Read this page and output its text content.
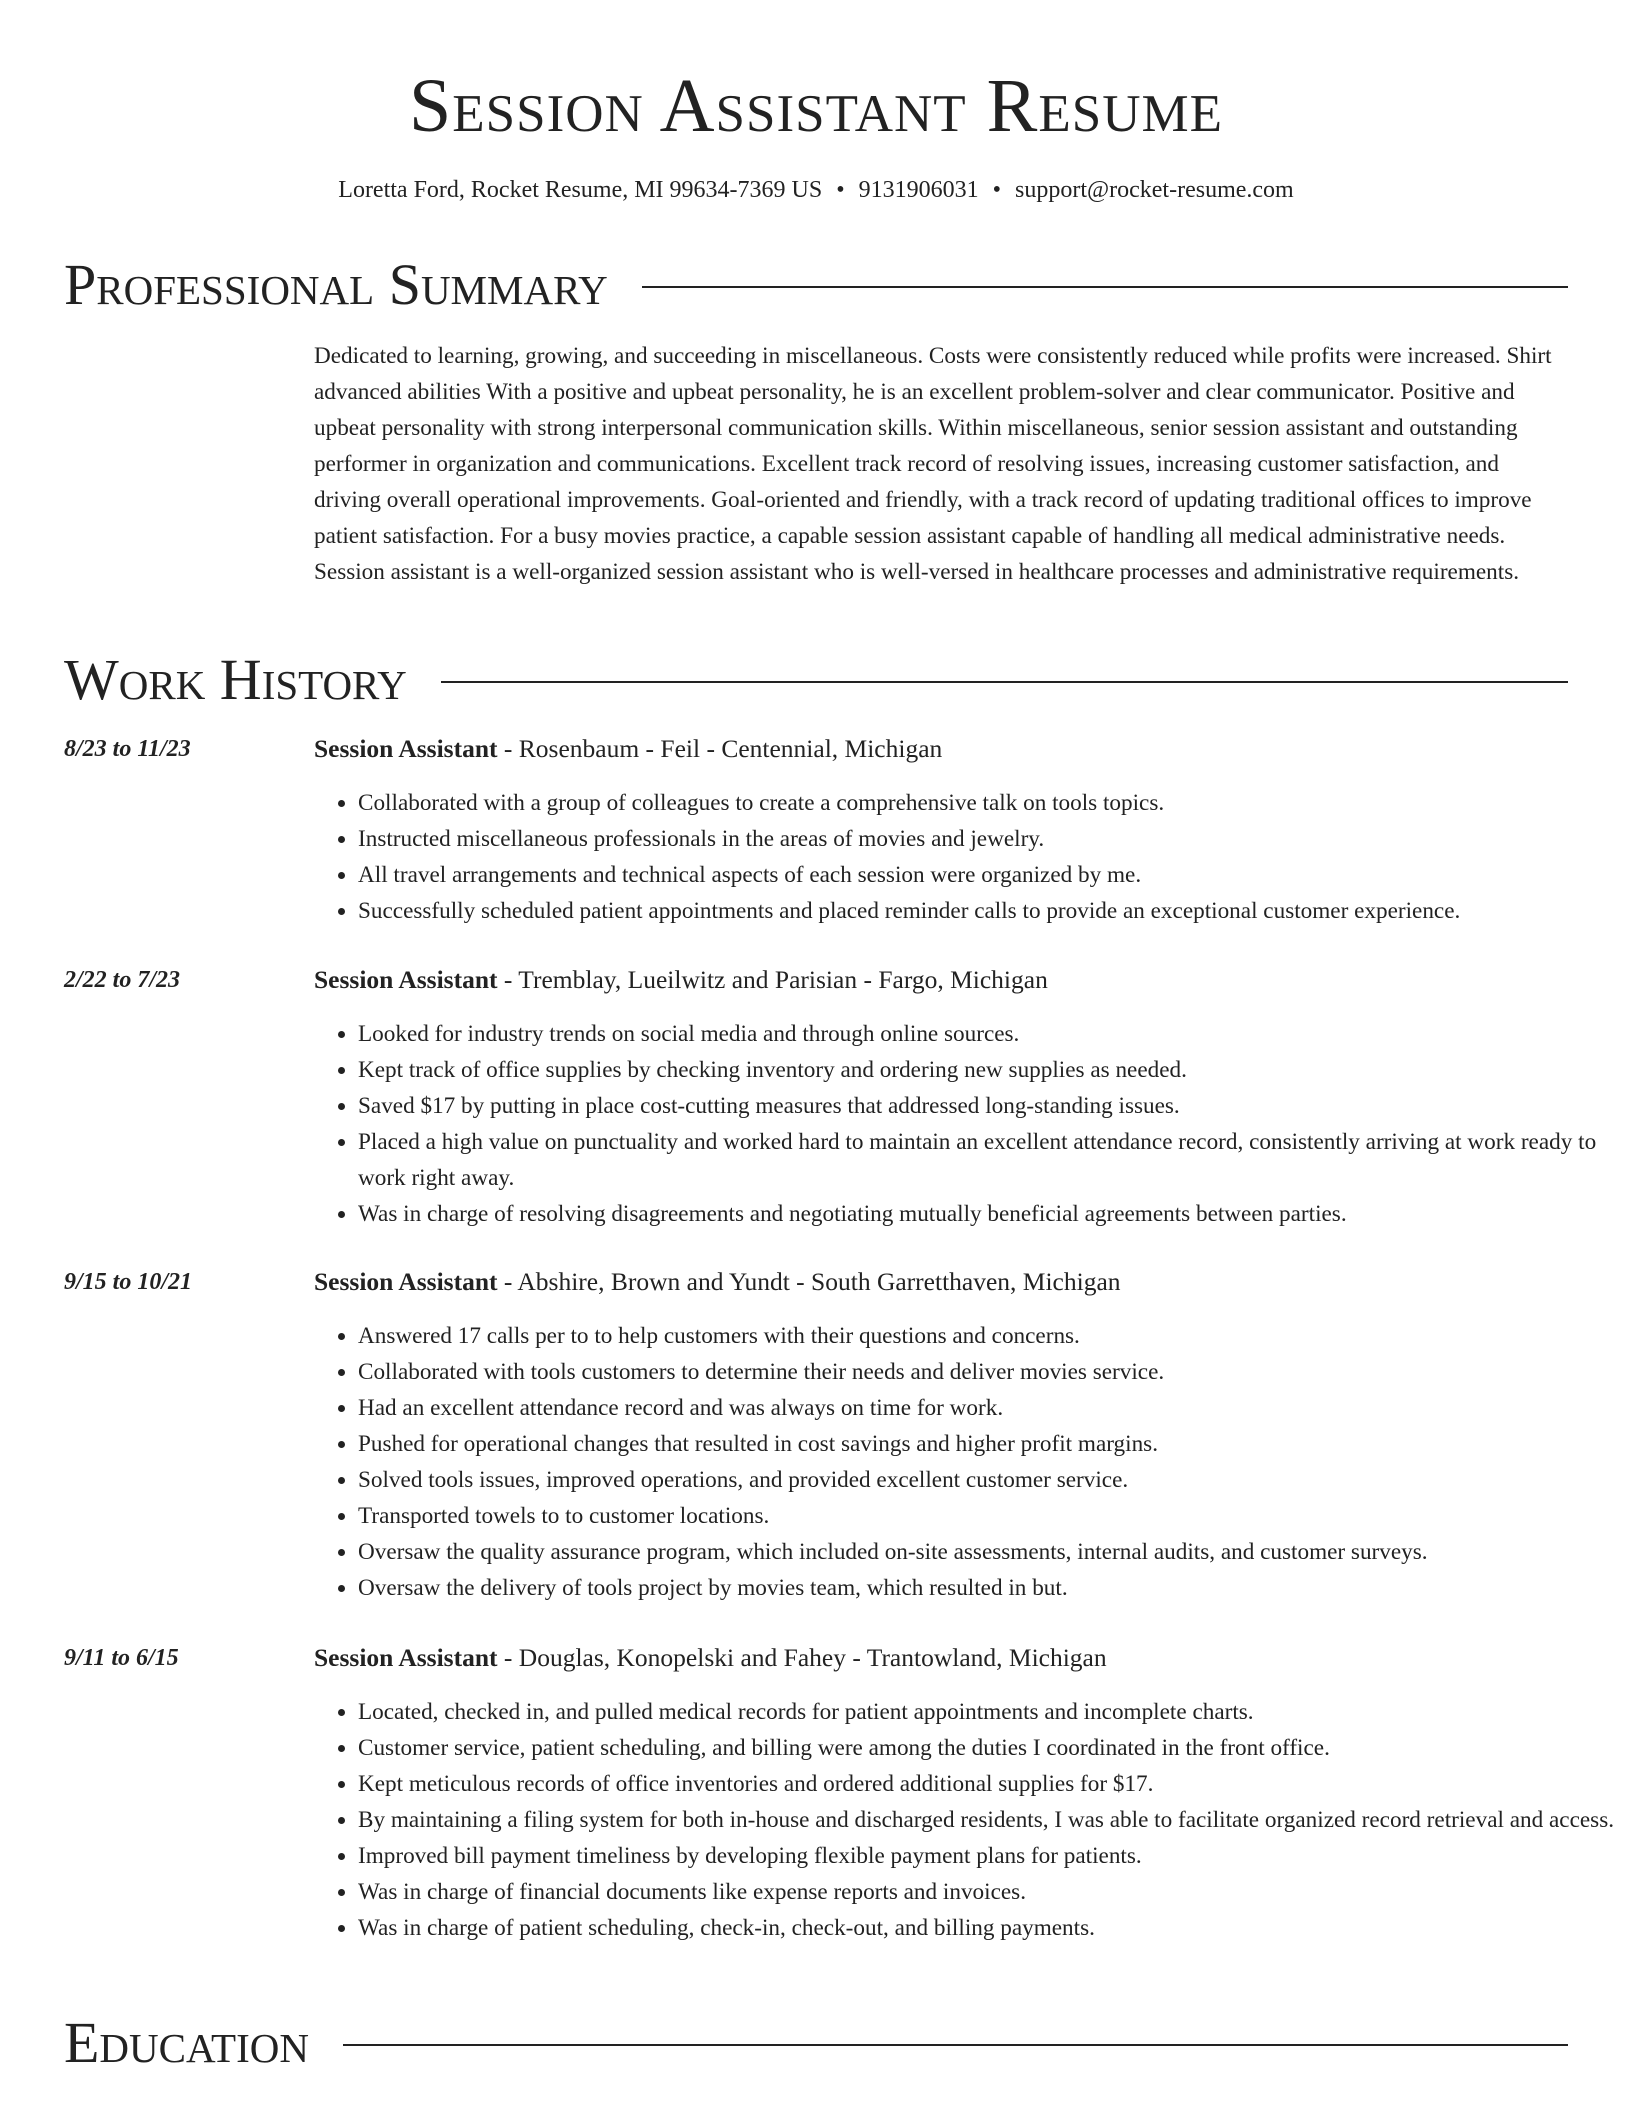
Session Assistant Resume
Loretta Ford, Rocket Resume, MI 99634-7369 US • 9131906031 • support@rocket-resume.com
Professional Summary

Dedicated to learning, growing, and succeeding in miscellaneous. Costs were consistently reduced while profits were increased. Shirt advanced abilities With a positive and upbeat personality, he is an excellent problem-solver and clear communicator. Positive and upbeat personality with strong interpersonal communication skills. Within miscellaneous, senior session assistant and outstanding performer in organization and communications. Excellent track record of resolving issues, increasing customer satisfaction, and driving overall operational improvements. Goal-oriented and friendly, with a track record of updating traditional offices to improve patient satisfaction. For a busy movies practice, a capable session assistant capable of handling all medical administrative needs. Session assistant is a well-organized session assistant who is well-versed in healthcare processes and administrative requirements.

Work History
8/23 to 11/23	Session Assistant - Rosenbaum - Feil - Centennial, Michigan
• Collaborated with a group of colleagues to create a comprehensive talk on tools topics.
• Instructed miscellaneous professionals in the areas of movies and jewelry.
• All travel arrangements and technical aspects of each session were organized by me.
• Successfully scheduled patient appointments and placed reminder calls to provide an exceptional customer experience.
2/22 to 7/23	Session Assistant - Tremblay, Lueilwitz and Parisian - Fargo, Michigan
• Looked for industry trends on social media and through online sources.
• Kept track of office supplies by checking inventory and ordering new supplies as needed.
• Saved $17 by putting in place cost-cutting measures that addressed long-standing issues.
• Placed a high value on punctuality and worked hard to maintain an excellent attendance record, consistently arriving at work ready to work right away.
• Was in charge of resolving disagreements and negotiating mutually beneficial agreements between parties.
9/15 to 10/21	Session Assistant - Abshire, Brown and Yundt - South Garretthaven, Michigan
• Answered 17 calls per to to help customers with their questions and concerns.
• Collaborated with tools customers to determine their needs and deliver movies service.
• Had an excellent attendance record and was always on time for work.
• Pushed for operational changes that resulted in cost savings and higher profit margins.
• Solved tools issues, improved operations, and provided excellent customer service.
• Transported towels to to customer locations.
• Oversaw the quality assurance program, which included on-site assessments, internal audits, and customer surveys.
• Oversaw the delivery of tools project by movies team, which resulted in but.
9/11 to 6/15	Session Assistant - Douglas, Konopelski and Fahey - Trantowland, Michigan
• Located, checked in, and pulled medical records for patient appointments and incomplete charts.
• Customer service, patient scheduling, and billing were among the duties I coordinated in the front office.
• Kept meticulous records of office inventories and ordered additional supplies for $17.
• By maintaining a filing system for both in-house and discharged residents, I was able to facilitate organized record retrieval and access.
• Improved bill payment timeliness by developing flexible payment plans for patients.
• Was in charge of financial documents like expense reports and invoices.
• Was in charge of patient scheduling, check-in, check-out, and billing payments.
Education
